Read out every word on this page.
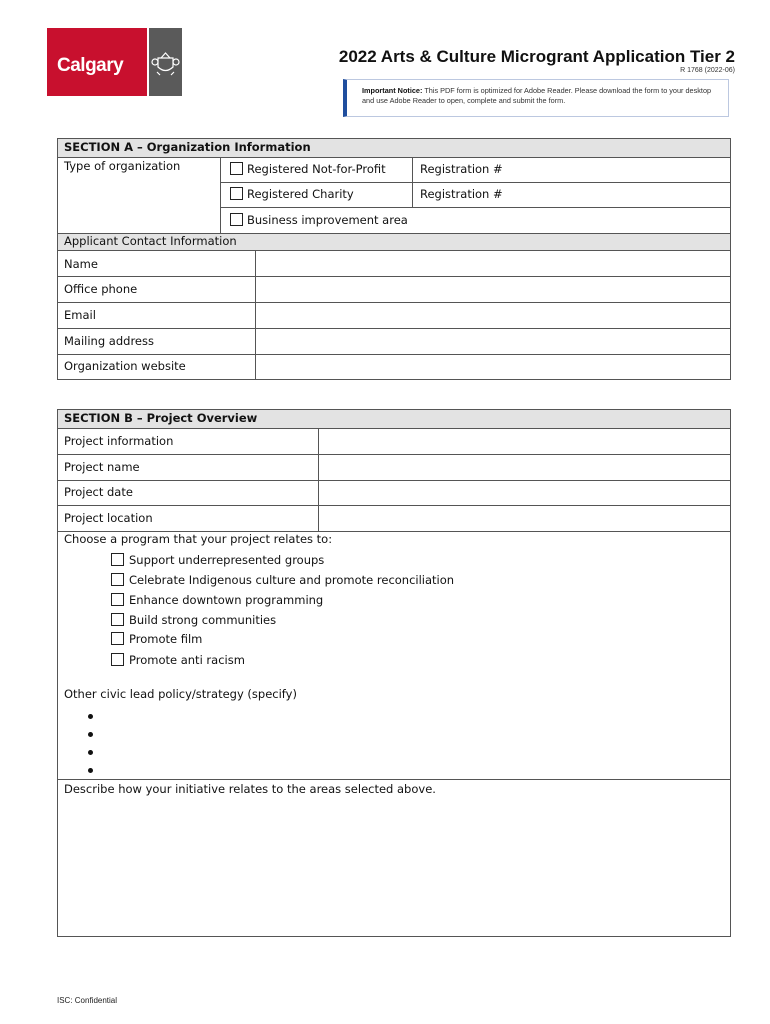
Calgary	2022 Arts & Culture Microgrant Application Tier 2
R 1768 (2022-06)
Important Notice: This PDF form is optimized for Adobe Reader. Please download the form to your desktop
and use Adobe Reader to open, complete and submit the form.
SECTION A – Organization Information
Type of organization	Registered Not-for-Profit	Registration #
Registered Charity	Registration #
Business improvement area
Applicant Contact Information
Name
Office phone
Email
Mailing address
Organization website
SECTION B – Project Overview
Project information
Project name
Project date
Project location
Choose a program that your project relates to:
Support underrepresented groups
Celebrate Indigenous culture and promote reconciliation
Enhance downtown programming
Build strong communities
Promote film
Promote anti racism
Other civic lead policy/strategy (specify)
Describe how your initiative relates to the areas selected above.
ISC: Confidential
